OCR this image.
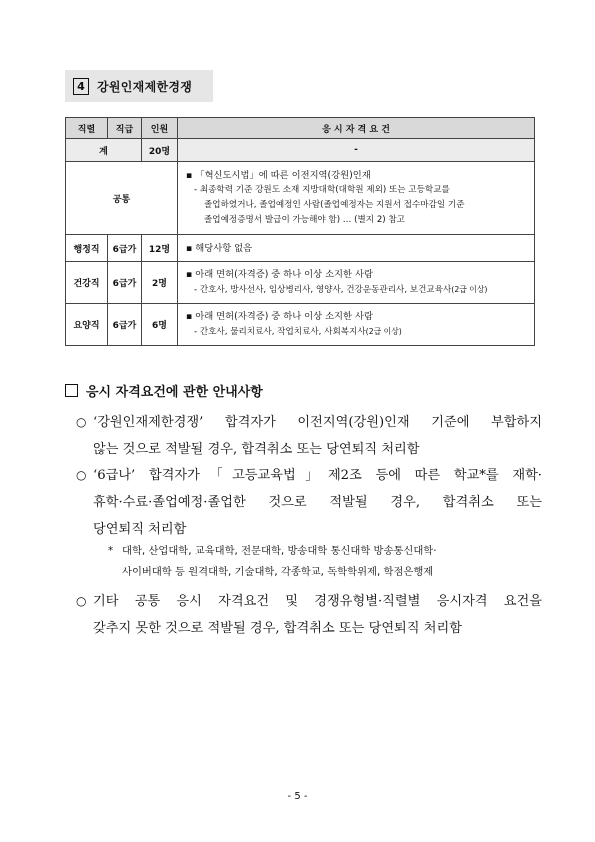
4	강원인재제한경쟁
직렬	직급	인원	응 시 자 격 요 건
계		20명	-
공통			▪ 「혁신도시법」에 따른 이전지역(강원)인재
- 최종학력 기준 강원도 소재 지방대학(대학원 제외) 또는 고등학교를
졸업하였거나, 졸업예정인 사람(졸업예정자는 지원서 접수마감일 기준
졸업예정증명서 발급이 가능해야 함) … (별지 2) 참고

행정직	6급가	12명	▪ 해당사항 없음

건강직	6급가	2명	▪ 아래 면허(자격증) 중 하나 이상 소지한 사람
- 간호사, 방사선사, 임상병리사, 영양사, 건강운동관리사, 보건교육사(2급 이상)

요양직	6급가	6명	▪ 아래 면허(자격증) 중 하나 이상 소지한 사람
- 간호사, 물리치료사, 작업치료사, 사회복지사(2급 이상)
응시 자격요건에 관한 안내사항
○ ‘강원인재제한경쟁’ 합격자가 이전지역(강원)인재 기준에 부합하지
않는 것으로 적발될 경우, 합격취소 또는 당연퇴직 처리함
○ ‘6급나’ 합격자가「고등교육법」제2조 등에 따른 학교*를 재학·
휴학·수료·졸업예정·졸업한 것으로 적발될 경우, 합격취소 또는
당연퇴직 처리함
* 대학, 산업대학, 교육대학, 전문대학, 방송대학 통신대학 방송통신대학·
사이버대학 등 원격대학, 기술대학, 각종학교, 독학학위제, 학점은행제
○ 기타 공통 응시 자격요건 및 경쟁유형별·직렬별 응시자격 요건을
갖추지 못한 것으로 적발될 경우, 합격취소 또는 당연퇴직 처리함
- 5 -
